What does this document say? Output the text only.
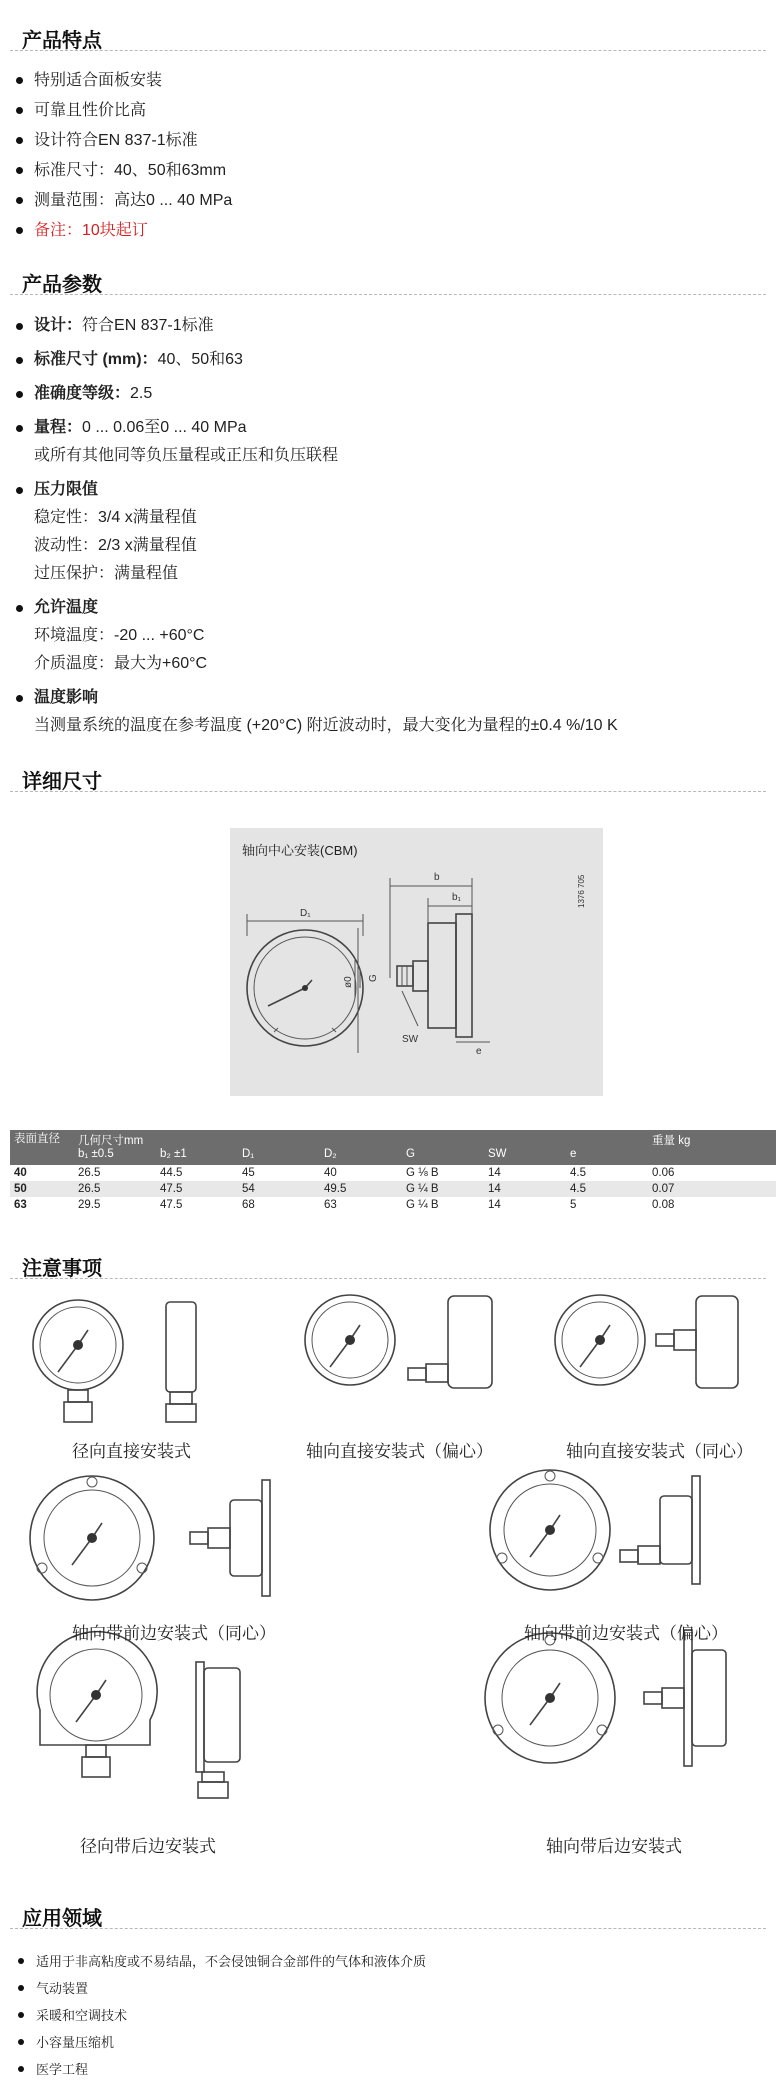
产品特点
特别适合面板安装
可靠且性价比高
设计符合EN 837-1标准
标准尺寸：40、50和63mm
测量范围：高达0 ... 40 MPa
备注：10块起订
产品参数
设计：符合EN 837-1标准
标准尺寸 (mm)：40、50和63
准确度等级：2.5
量程：0 ... 0.06至0 ... 40 MPa
或所有其他同等负压量程或正压和负压联程
压力限值
稳定性：3/4 x满量程值
波动性：2/3 x满量程值
过压保护：满量程值
允许温度
环境温度：-20 ... +60°C
介质温度：最大为+60°C
温度影响
当测量系统的温度在参考温度 (+20°C) 附近波动时，最大变化为量程的±0.4 %/10 K
详细尺寸
轴向中心安装(CBM)
D₁
b
b₁
ø0 G
SW
e
1376 705
表面直径	几何尺寸mm							重量 kg
	b₁ ±0.5	b₂ ±1	D₁	D₂	G	SW	e	
40	26.5	44.5	45	40	G ⅛ B	14	4.5	0.06
50	26.5	47.5	54	49.5	G ¼ B	14	4.5	0.07
63	29.5	47.5	68	63	G ¼ B	14	5	0.08
注意事项
径向直接安装式	轴向直接安装式（偏心）	轴向直接安装式（同心）
轴向带前边安装式（同心）	轴向带前边安装式（偏心）
径向带后边安装式	轴向带后边安装式
应用领域
适用于非高粘度或不易结晶，不会侵蚀铜合金部件的气体和液体介质
气动装置
采暖和空调技术
小容量压缩机
医学工程
